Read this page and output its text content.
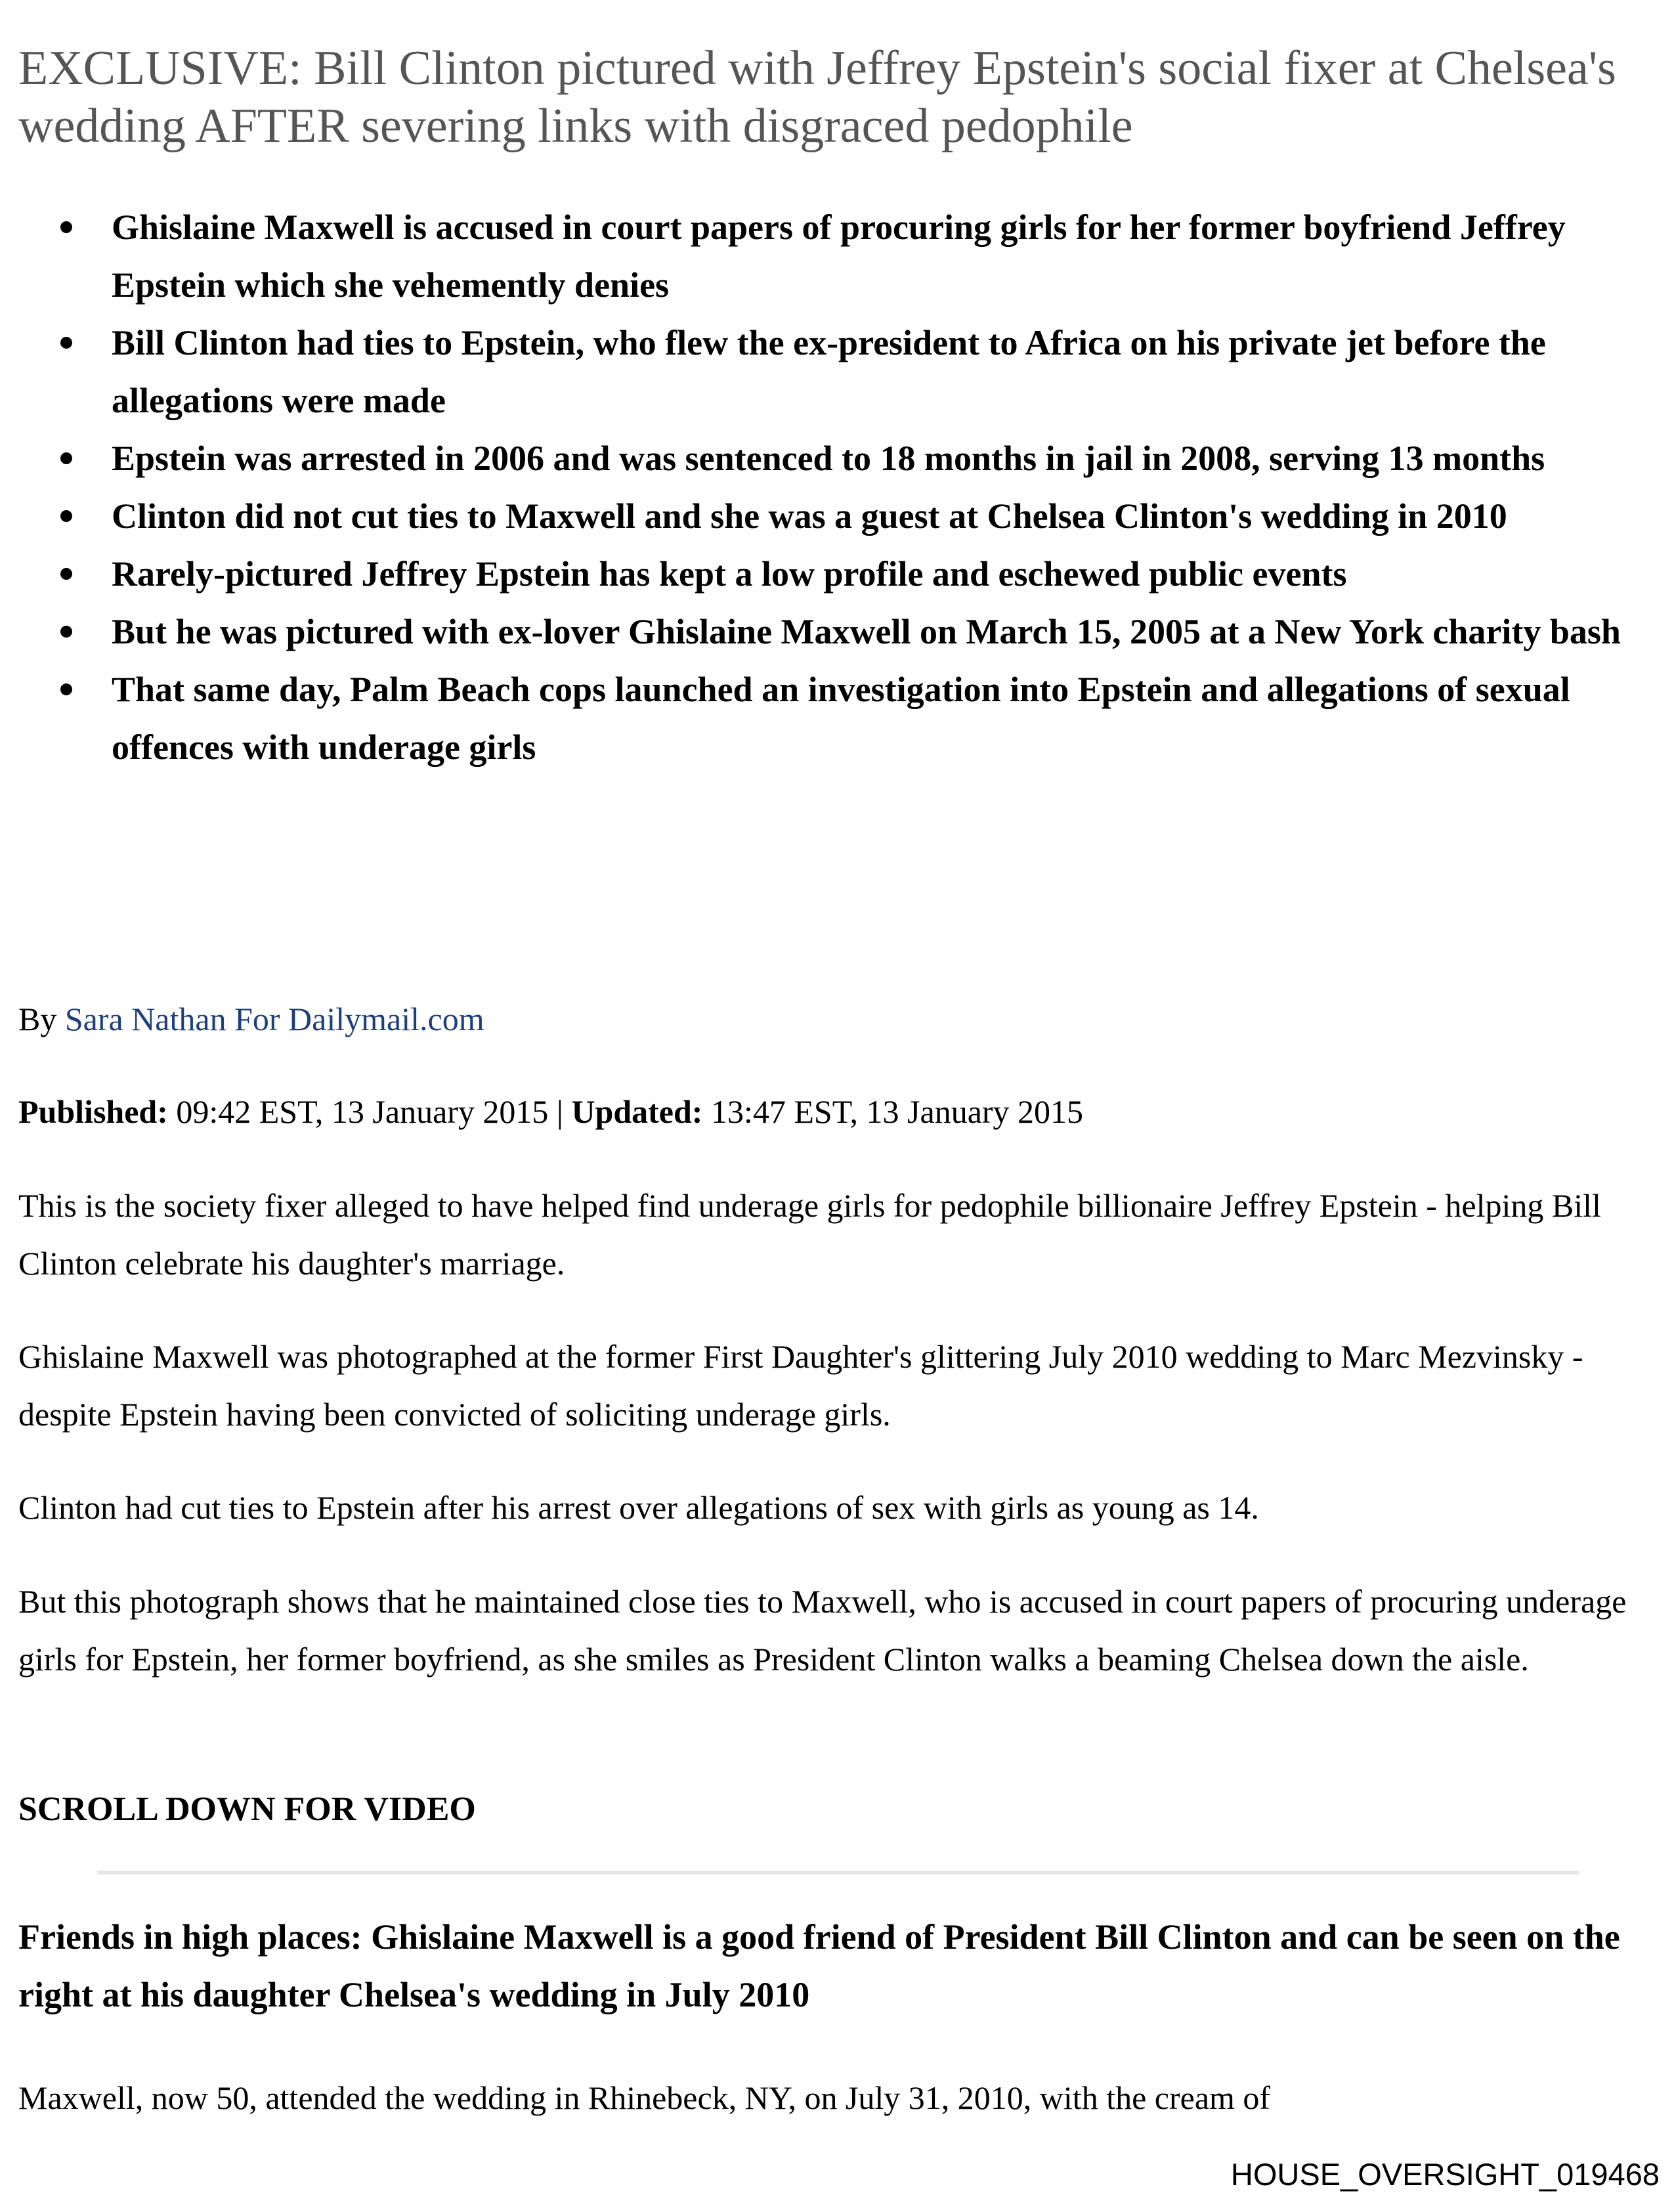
EXCLUSIVE: Bill Clinton pictured with Jeffrey Epstein's social fixer at Chelsea's wedding AFTER severing links with disgraced pedophile
Ghislaine Maxwell is accused in court papers of procuring girls for her former boyfriend Jeffrey Epstein which she vehemently denies
Bill Clinton had ties to Epstein, who flew the ex-president to Africa on his private jet before the allegations were made
Epstein was arrested in 2006 and was sentenced to 18 months in jail in 2008, serving 13 months
Clinton did not cut ties to Maxwell and she was a guest at Chelsea Clinton's wedding in 2010
Rarely-pictured Jeffrey Epstein has kept a low profile and eschewed public events
But he was pictured with ex-lover Ghislaine Maxwell on March 15, 2005 at a New York charity bash
That same day, Palm Beach cops launched an investigation into Epstein and allegations of sexual offences with underage girls
By Sara Nathan For Dailymail.com
Published: 09:42 EST, 13 January 2015 | Updated: 13:47 EST, 13 January 2015

This is the society fixer alleged to have helped find underage girls for pedophile billionaire Jeffrey Epstein - helping Bill Clinton celebrate his daughter's marriage.

Ghislaine Maxwell was photographed at the former First Daughter's glittering July 2010 wedding to Marc Mezvinsky - despite Epstein having been convicted of soliciting underage girls.

Clinton had cut ties to Epstein after his arrest over allegations of sex with girls as young as 14.

But this photograph shows that he maintained close ties to Maxwell, who is accused in court papers of procuring underage girls for Epstein, her former boyfriend, as she smiles as President Clinton walks a beaming Chelsea down the aisle.

SCROLL DOWN FOR VIDEO

Friends in high places: Ghislaine Maxwell is a good friend of President Bill Clinton and can be seen on the right at his daughter Chelsea's wedding in July 2010

Maxwell, now 50, attended the wedding in Rhinebeck, NY, on July 31, 2010, with the cream of

HOUSE_OVERSIGHT_019468
